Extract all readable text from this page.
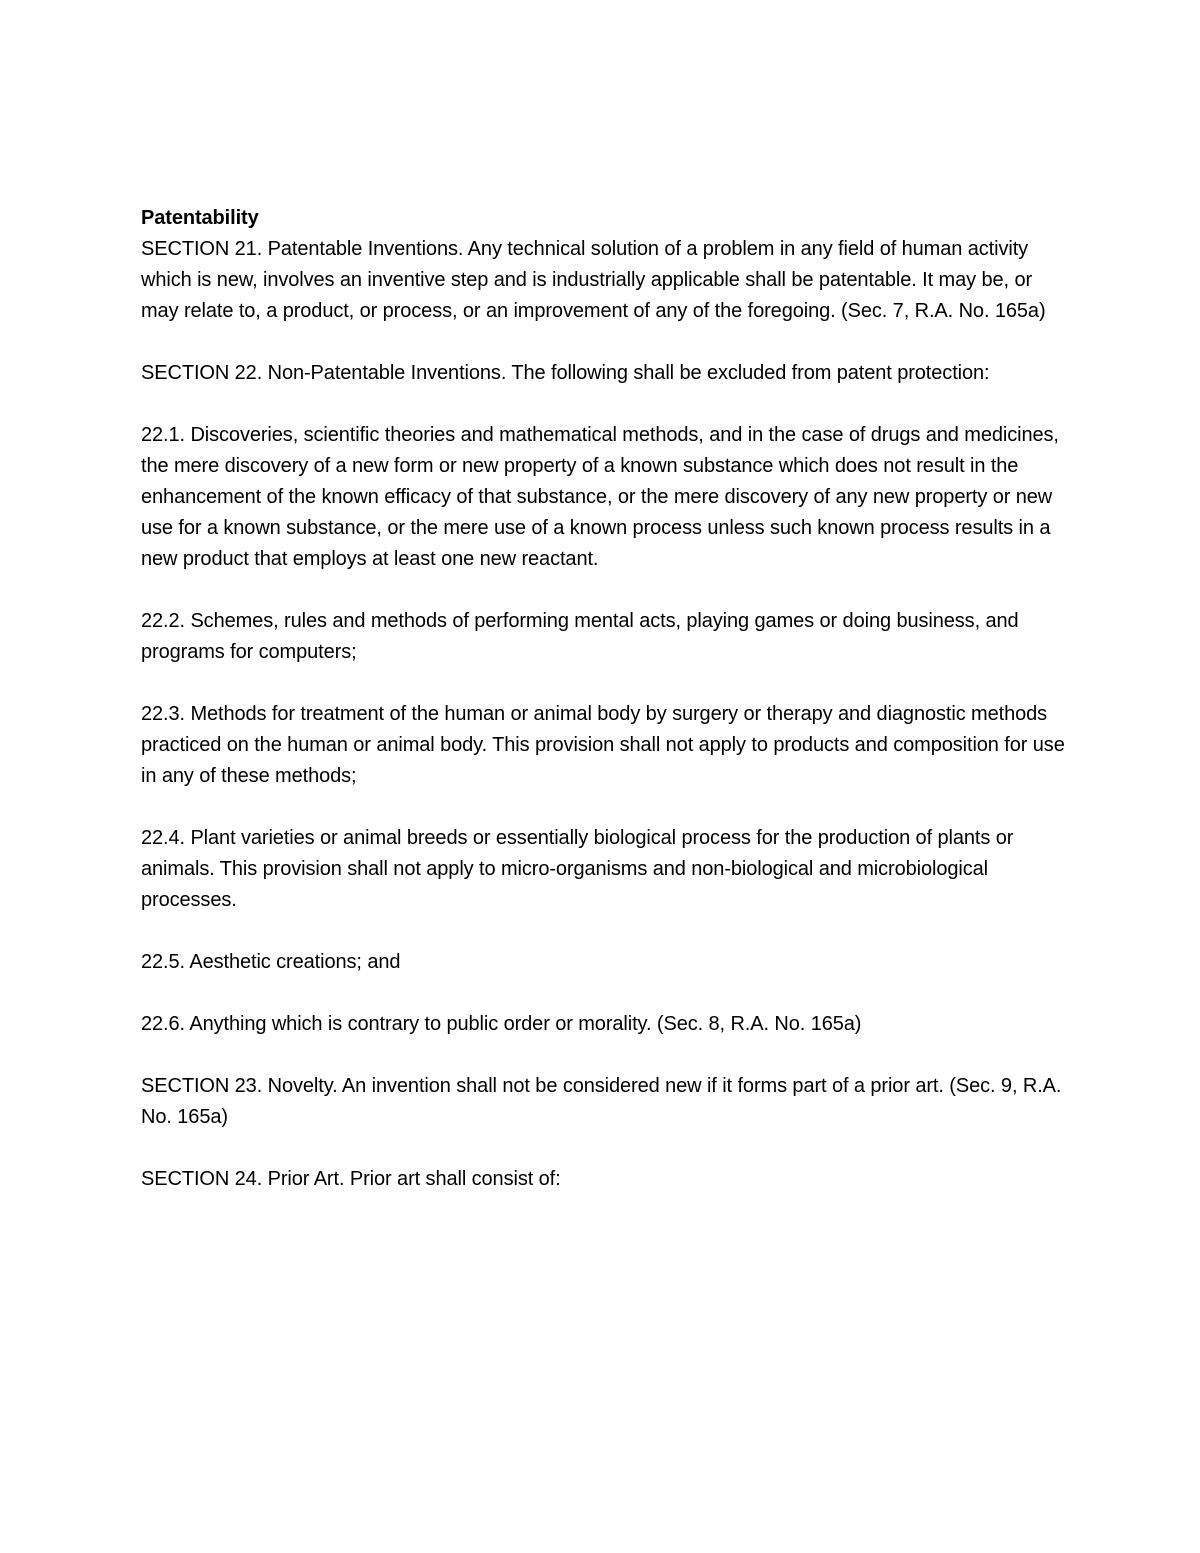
Patentability

SECTION 21. Patentable Inventions. Any technical solution of a problem in any field of human activity which is new, involves an inventive step and is industrially applicable shall be patentable. It may be, or may relate to, a product, or process, or an improvement of any of the foregoing. (Sec. 7, R.A. No. 165a)

SECTION 22. Non-Patentable Inventions. The following shall be excluded from patent protection:

22.1. Discoveries, scientific theories and mathematical methods, and in the case of drugs and medicines, the mere discovery of a new form or new property of a known substance which does not result in the enhancement of the known efficacy of that substance, or the mere discovery of any new property or new use for a known substance, or the mere use of a known process unless such known process results in a new product that employs at least one new reactant.

22.2. Schemes, rules and methods of performing mental acts, playing games or doing business, and programs for computers;

22.3. Methods for treatment of the human or animal body by surgery or therapy and diagnostic methods practiced on the human or animal body. This provision shall not apply to products and composition for use in any of these methods;

22.4. Plant varieties or animal breeds or essentially biological process for the production of plants or animals. This provision shall not apply to micro-organisms and non-biological and microbiological processes.

22.5. Aesthetic creations; and

22.6. Anything which is contrary to public order or morality. (Sec. 8, R.A. No. 165a)

SECTION 23. Novelty. An invention shall not be considered new if it forms part of a prior art. (Sec. 9, R.A. No. 165a)

SECTION 24. Prior Art. Prior art shall consist of:
